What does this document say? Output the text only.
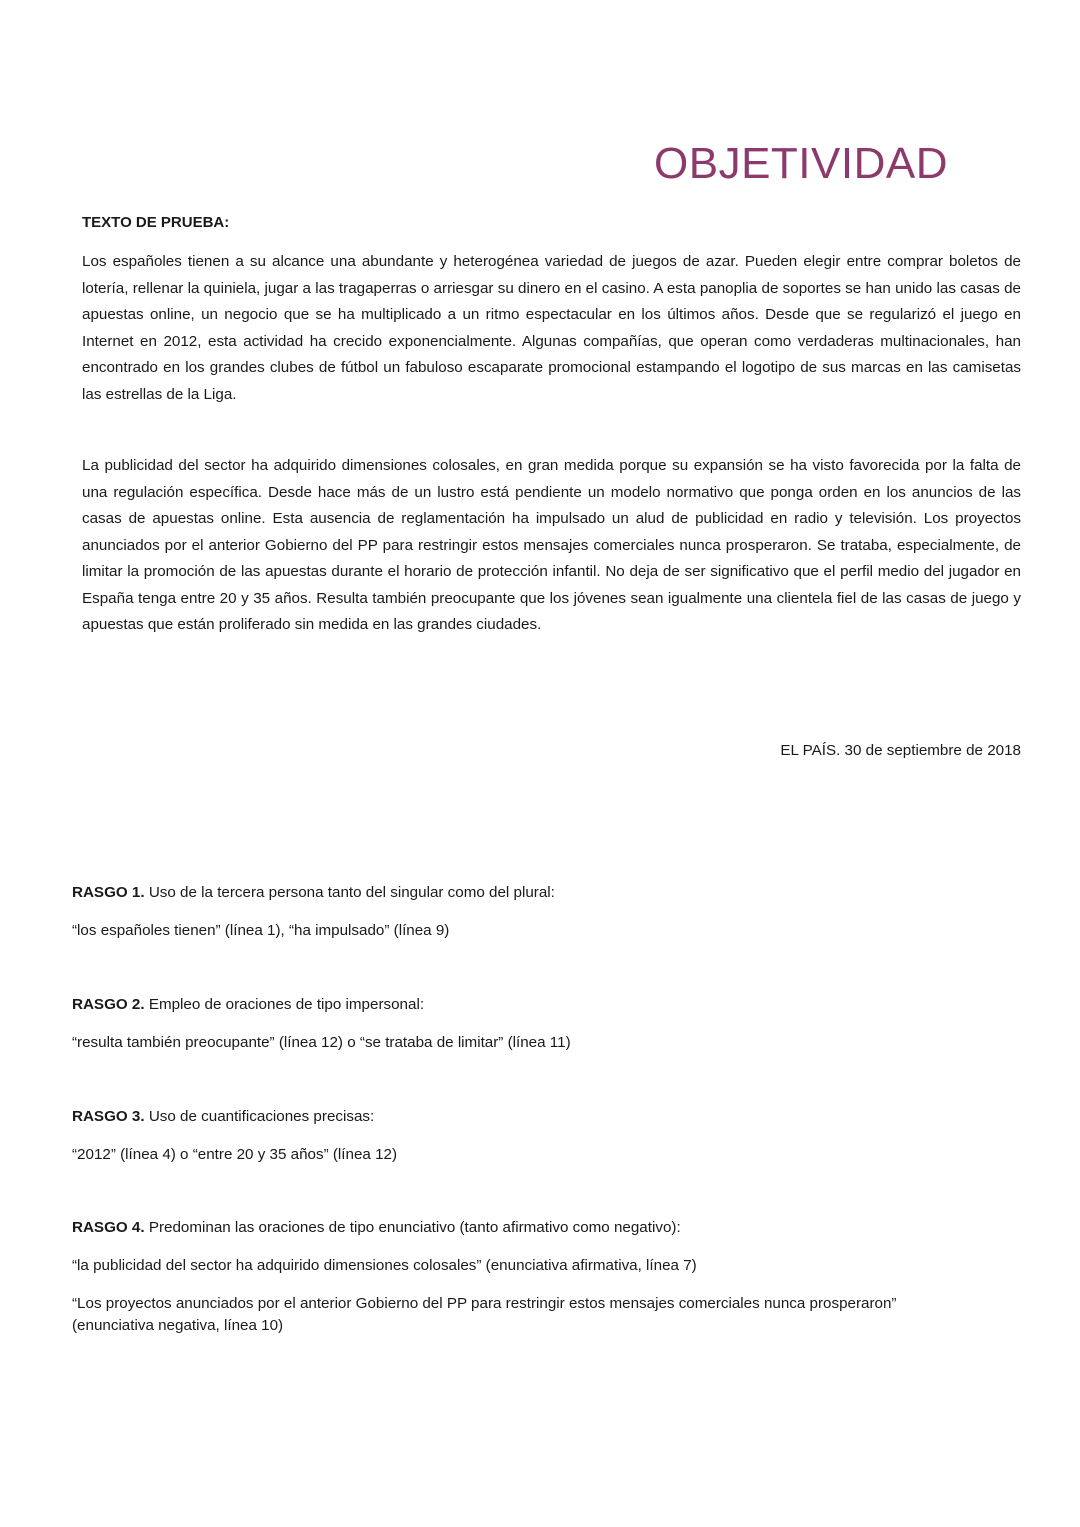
OBJETIVIDAD

TEXTO DE PRUEBA:

Los españoles tienen a su alcance una abundante y heterogénea variedad de juegos de azar. Pueden elegir entre comprar boletos de lotería, rellenar la quiniela, jugar a las tragaperras o arriesgar su dinero en el casino. A esta panoplia de soportes se han unido las casas de apuestas online, un negocio que se ha multiplicado a un ritmo espectacular en los últimos años. Desde que se regularizó el juego en Internet en 2012, esta actividad ha crecido exponencialmente. Algunas compañías, que operan como verdaderas multinacionales, han encontrado en los grandes clubes de fútbol un fabuloso escaparate promocional estampando el logotipo de sus marcas en las camisetas las estrellas de la Liga.

La publicidad del sector ha adquirido dimensiones colosales, en gran medida porque su expansión se ha visto favorecida por la falta de una regulación específica. Desde hace más de un lustro está pendiente un modelo normativo que ponga orden en los anuncios de las casas de apuestas online. Esta ausencia de reglamentación ha impulsado un alud de publicidad en radio y televisión. Los proyectos anunciados por el anterior Gobierno del PP para restringir estos mensajes comerciales nunca prosperaron. Se trataba, especialmente, de limitar la promoción de las apuestas durante el horario de protección infantil. No deja de ser significativo que el perfil medio del jugador en España tenga entre 20 y 35 años. Resulta también preocupante que los jóvenes sean igualmente una clientela fiel de las casas de juego y apuestas que están proliferado sin medida en las grandes ciudades.

EL PAÍS. 30 de septiembre de 2018

RASGO 1. Uso de la tercera persona tanto del singular como del plural:

“los españoles tienen” (línea 1), “ha impulsado” (línea 9)

RASGO 2. Empleo de oraciones de tipo impersonal:

“resulta también preocupante” (línea 12) o “se trataba de limitar” (línea 11)

RASGO 3. Uso de cuantificaciones precisas:

“2012” (línea 4) o “entre 20 y 35 años” (línea 12)

RASGO 4. Predominan las oraciones de tipo enunciativo (tanto afirmativo como negativo):

“la publicidad del sector ha adquirido dimensiones colosales” (enunciativa afirmativa, línea 7)

“Los proyectos anunciados por el anterior Gobierno del PP para restringir estos mensajes comerciales nunca prosperaron” (enunciativa negativa, línea 10)
